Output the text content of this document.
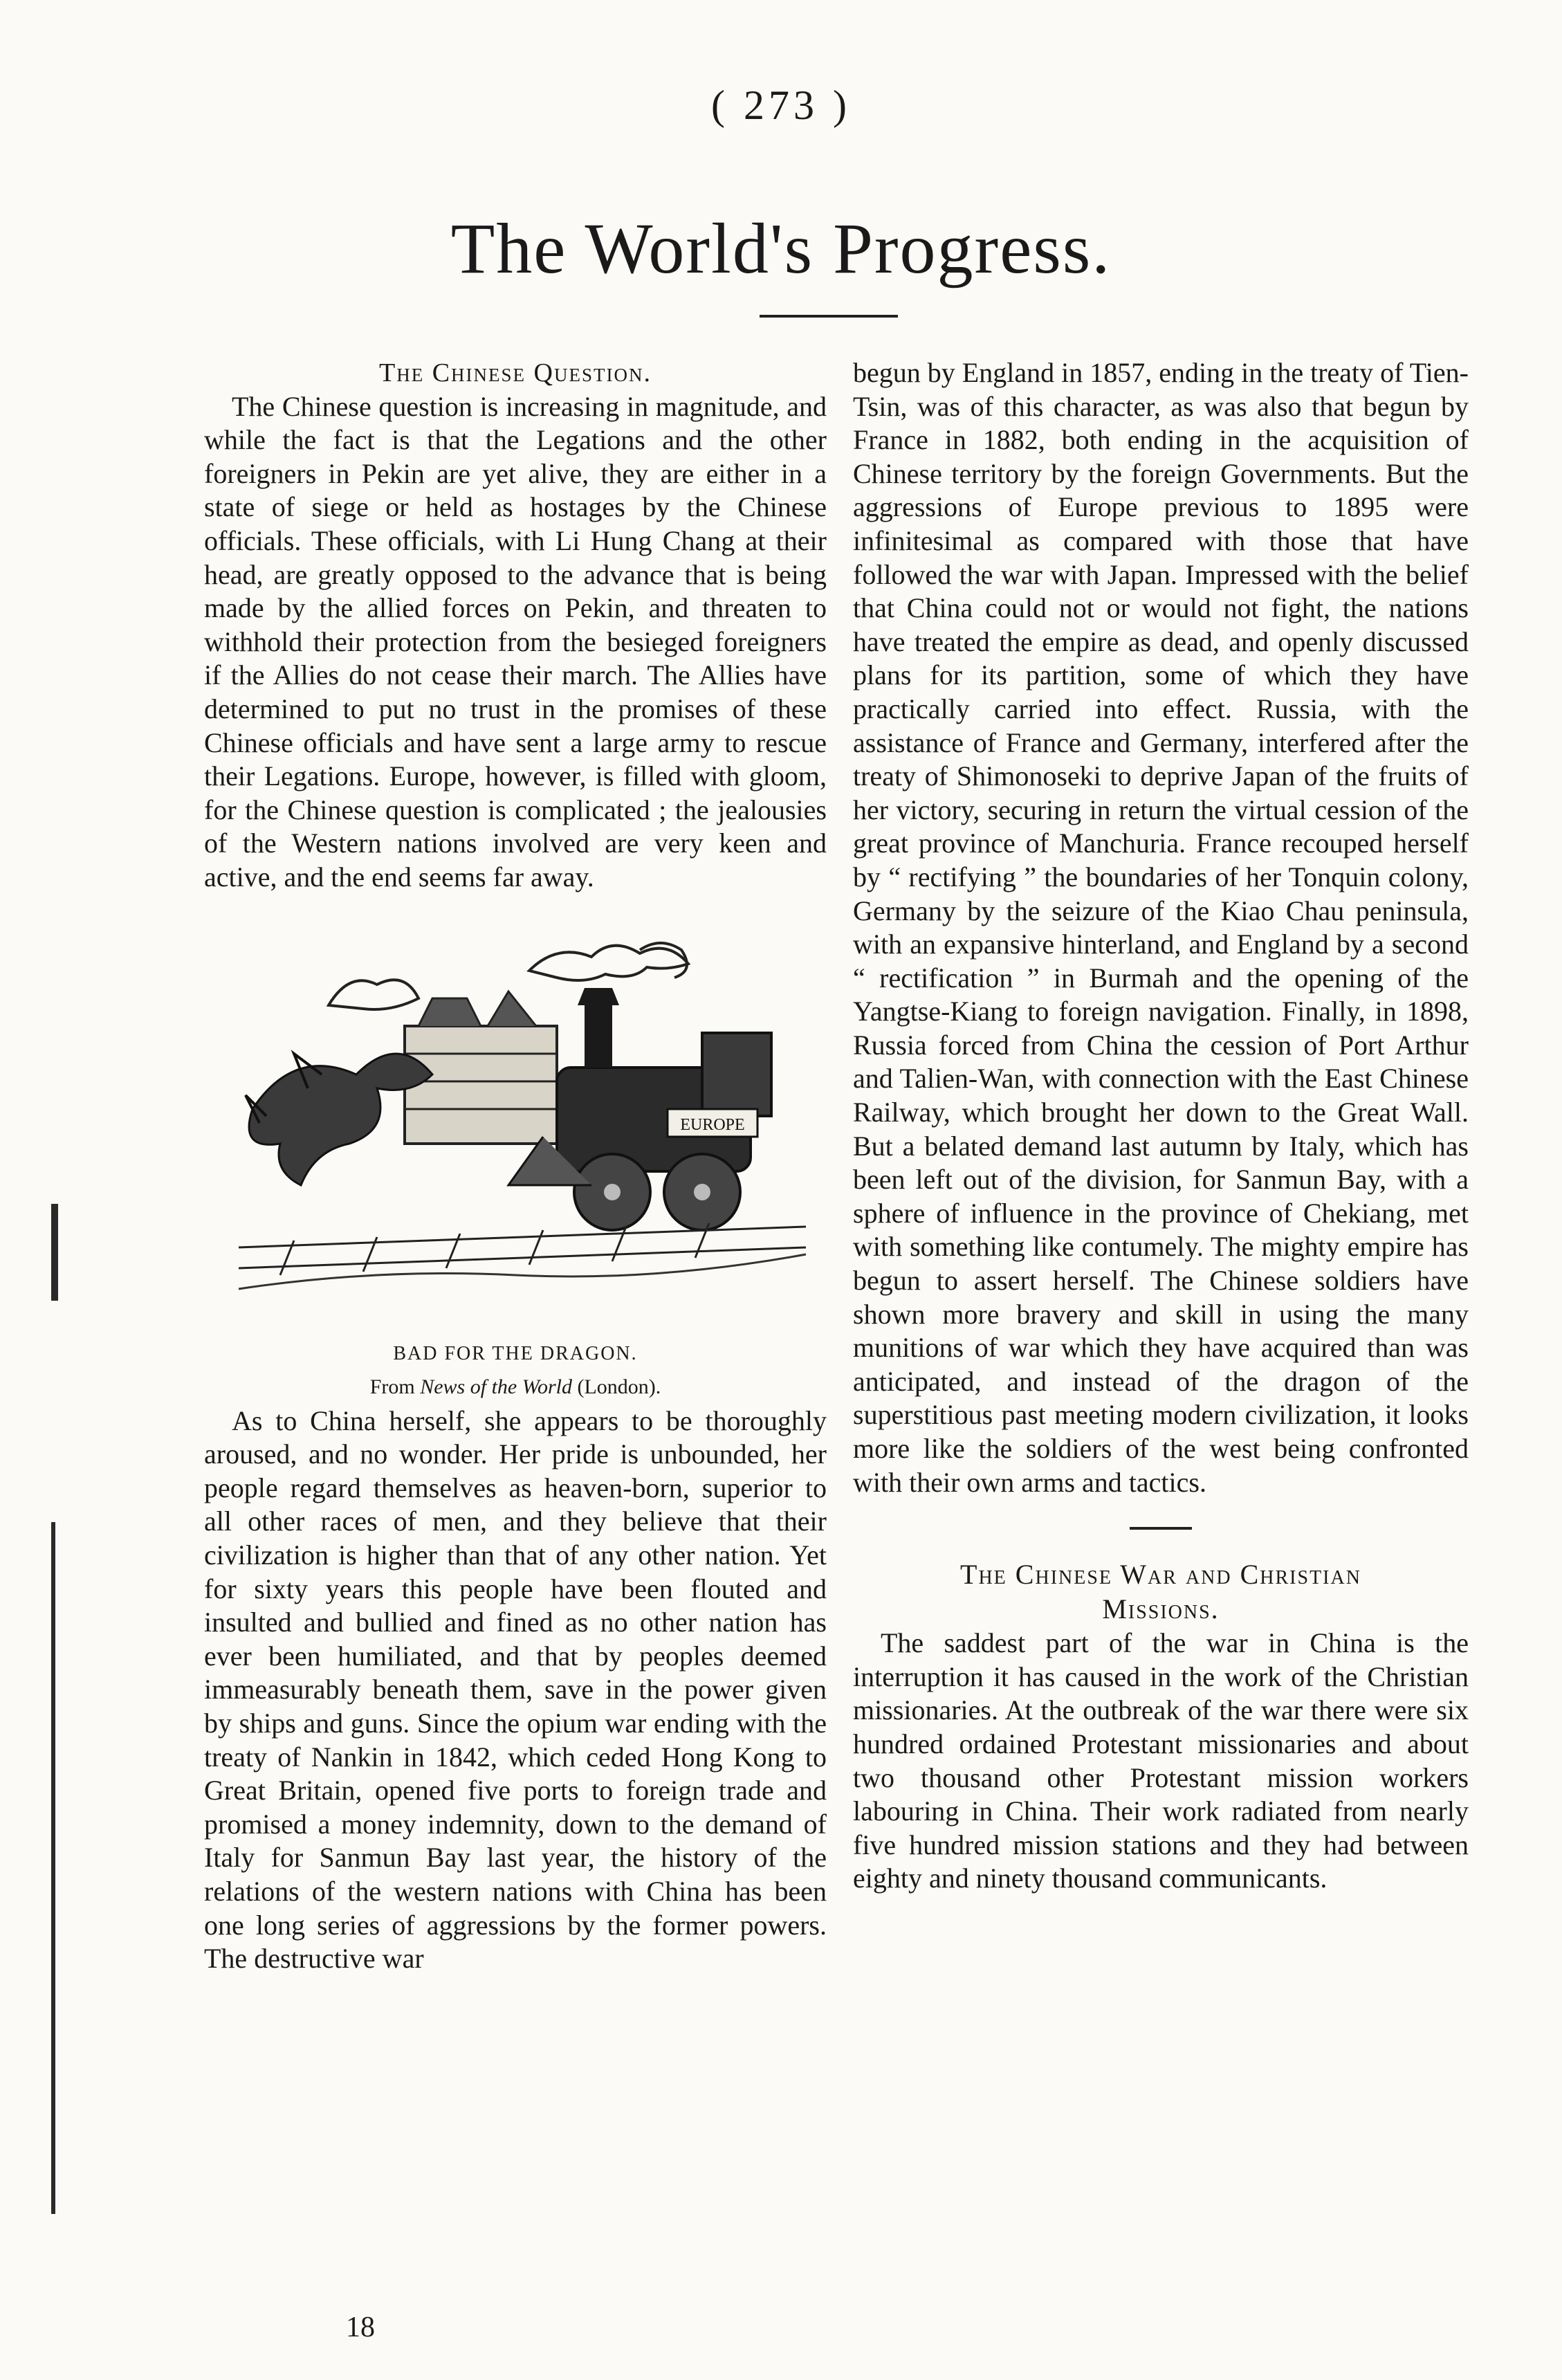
( 273 )
The World's Progress.

The Chinese Question.

The Chinese question is increasing in magnitude, and while the fact is that the Legations and the other foreigners in Pekin are yet alive, they are either in a state of siege or held as hostages by the Chinese officials. These officials, with Li Hung Chang at their head, are greatly opposed to the advance that is being made by the allied forces on Pekin, and threaten to withhold their protection from the besieged foreigners if the Allies do not cease their march. The Allies have determined to put no trust in the promises of these Chinese officials and have sent a large army to rescue their Legations. Europe, however, is filled with gloom, for the Chinese question is complicated ; the jealousies of the Western nations involved are very keen and active, and the end seems far away.

EUROPE

BAD FOR THE DRAGON.

From News of the World (London).

As to China herself, she appears to be thoroughly aroused, and no wonder. Her pride is unbounded, her people regard themselves as heaven-born, superior to all other races of men, and they believe that their civilization is higher than that of any other nation. Yet for sixty years this people have been flouted and insulted and bullied and fined as no other nation has ever been humiliated, and that by peoples deemed immeasurably beneath them, save in the power given by ships and guns. Since the opium war ending with the treaty of Nankin in 1842, which ceded Hong Kong to Great Britain, opened five ports to foreign trade and promised a money indemnity, down to the demand of Italy for Sanmun Bay last year, the history of the relations of the western nations with China has been one long series of aggressions by the former powers. The destructive war

begun by England in 1857, ending in the treaty of Tien-Tsin, was of this character, as was also that begun by France in 1882, both ending in the acquisition of Chinese territory by the foreign Governments. But the aggressions of Europe previous to 1895 were infinitesimal as compared with those that have followed the war with Japan. Impressed with the belief that China could not or would not fight, the nations have treated the empire as dead, and openly discussed plans for its partition, some of which they have practically carried into effect. Russia, with the assistance of France and Germany, interfered after the treaty of Shimonoseki to deprive Japan of the fruits of her victory, securing in return the virtual cession of the great province of Manchuria. France recouped herself by “ rectifying ” the boundaries of her Tonquin colony, Germany by the seizure of the Kiao Chau peninsula, with an expansive hinterland, and England by a second “ rectification ” in Burmah and the opening of the Yangtse-Kiang to foreign navigation. Finally, in 1898, Russia forced from China the cession of Port Arthur and Talien-Wan, with connection with the East Chinese Railway, which brought her down to the Great Wall. But a belated demand last autumn by Italy, which has been left out of the division, for Sanmun Bay, with a sphere of influence in the province of Chekiang, met with something like contumely. The mighty empire has begun to assert herself. The Chinese soldiers have shown more bravery and skill in using the many munitions of war which they have acquired than was anticipated, and instead of the dragon of the superstitious past meeting modern civilization, it looks more like the soldiers of the west being confronted with their own arms and tactics.

The Chinese War and Christian
Missions.

The saddest part of the war in China is the interruption it has caused in the work of the Christian missionaries. At the outbreak of the war there were six hundred ordained Protestant missionaries and about two thousand other Protestant mission workers labouring in China. Their work radiated from nearly five hundred mission stations and they had between eighty and ninety thousand communicants.

18
